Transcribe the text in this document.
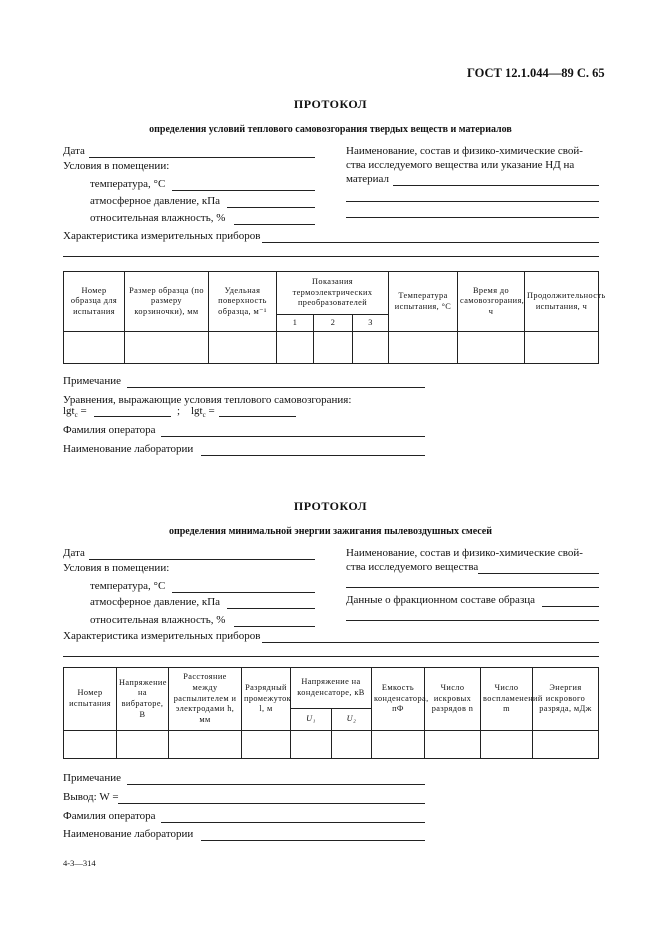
ГОСТ 12.1.044—89 С. 65
ПРОТОКОЛ
определения условий теплового самовозгорания твердых веществ и материалов
Дата
Условия в помещении:
температура, °С
атмосферное давление, кПа
относительная влажность, %
Наименование, состав и физико-химические свой-
ства исследуемого вещества или указание НД на
материал
Характеристика измерительных приборов
Номер образца для испытания	Размер образца (по размеру корзиночки), мм	Удельная поверхность образца, м⁻¹	Показания термоэлектрических преобразователей			Температура испытания, °С	Время до самовозгорания, ч	Продолжительность испытания, ч
			1	2	3			

Примечание
Уравнения, выражающие условия теплового самовозгорания:
lgt$_c$ =	; lgt$_c$ =
Фамилия оператора
Наименование лаборатории
ПРОТОКОЛ
определения минимальной энергии зажигания пылевоздушных смесей
Дата
Условия в помещении:
температура, °С
атмосферное давление, кПа
относительная влажность, %
Наименование, состав и физико-химические свой-
ства исследуемого вещества
Данные о фракционном составе образца
Характеристика измерительных приборов
Номер испытания	Напряжение на вибраторе, В	Расстояние между распылителем и электродами h, мм	Разрядный промежуток l, м	Напряжение на конденсаторе, кВ		Емкость конденсатора, пФ	Число искровых разрядов n	Число воспламенений m	Энергия искрового разряда, мДж
				U₁	U₂				

Примечание
Вывод: W =
Фамилия оператора
Наименование лаборатории
4-3—314
